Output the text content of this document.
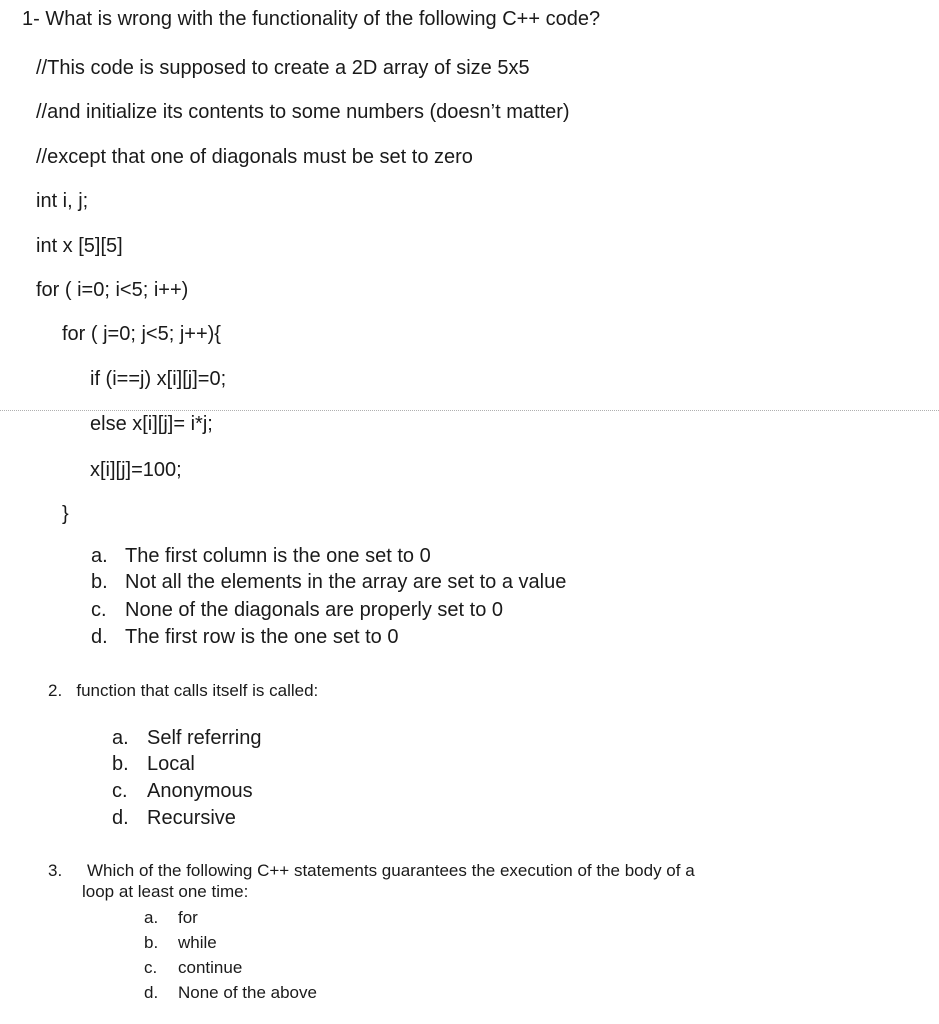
1- What is wrong with the functionality of the following C++ code?
//This code is supposed to create a 2D array of size 5x5
//and initialize its contents to some numbers (doesn’t matter)
//except that one of diagonals must be set to zero
int i, j;
int x [5][5]
for ( i=0; i<5; i++)
for ( j=0; j<5; j++){
if (i==j) x[i][j]=0;
else x[i][j]= i*j;
x[i][j]=100;
}
a. The first column is the one set to 0
b. Not all the elements in the array are set to a value
c. None of the diagonals are properly set to 0
d. The first row is the one set to 0
2. function that calls itself is called:
a. Self referring
b. Local
c. Anonymous
d. Recursive
3. Which of the following C++ statements guarantees the execution of the body of a
loop at least one time:
a. for
b. while
c. continue
d. None of the above
